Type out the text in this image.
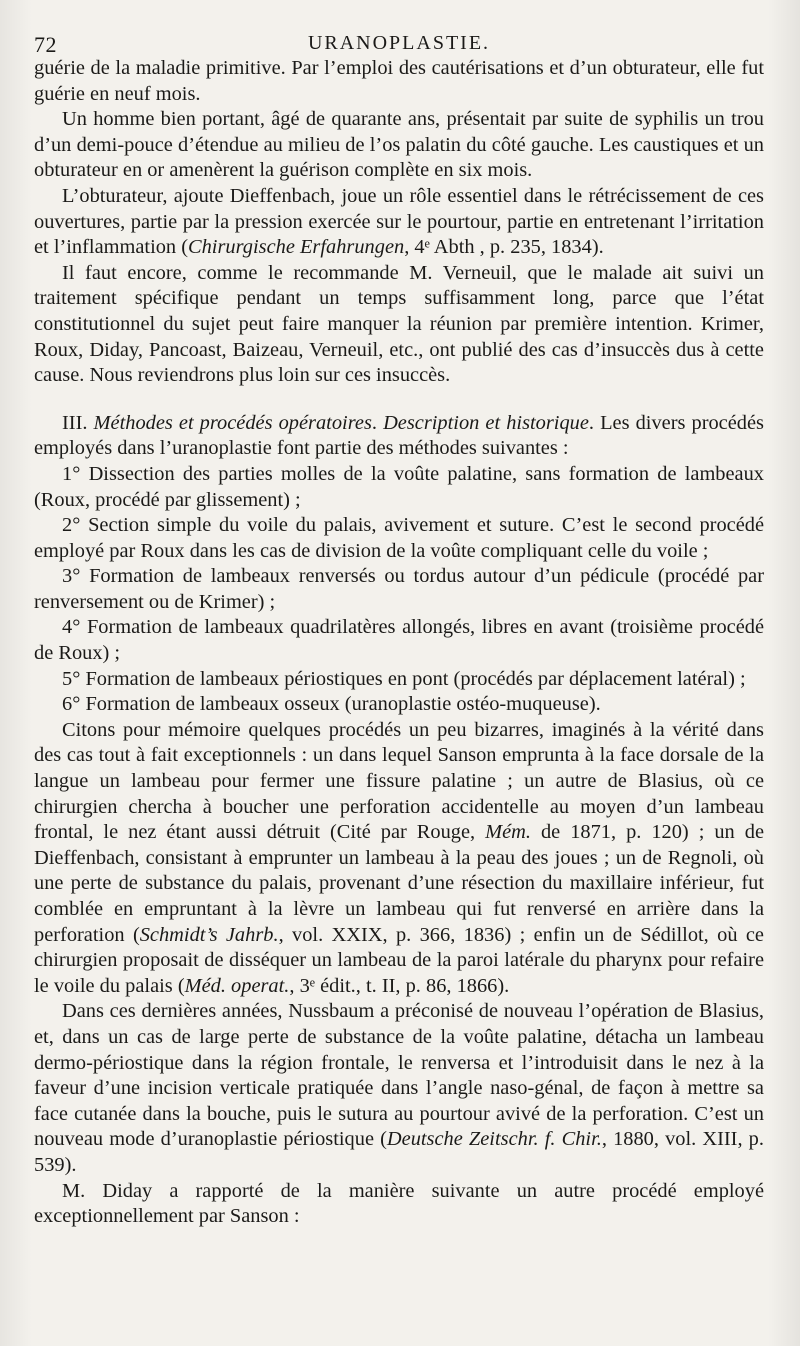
72	URANOPLASTIE.

guérie de la maladie primitive. Par l’emploi des cautérisations et d’un obturateur, elle fut guérie en neuf mois.

Un homme bien portant, âgé de quarante ans, présentait par suite de syphilis un trou d’un demi-pouce d’étendue au milieu de l’os palatin du côté gauche. Les caustiques et un obturateur en or amenèrent la guérison complète en six mois.

L’obturateur, ajoute Dieffenbach, joue un rôle essentiel dans le rétrécissement de ces ouvertures, partie par la pression exercée sur le pourtour, partie en entretenant l’irritation et l’inflammation (Chirurgische Erfahrungen, 4ᵉ Abth , p. 235, 1834).

Il faut encore, comme le recommande M. Verneuil, que le malade ait suivi un traitement spécifique pendant un temps suffisamment long, parce que l’état constitutionnel du sujet peut faire manquer la réunion par première intention. Krimer, Roux, Diday, Pancoast, Baizeau, Verneuil, etc., ont publié des cas d’insuccès dus à cette cause. Nous reviendrons plus loin sur ces insuccès.

III. Méthodes et procédés opératoires. Description et historique. Les divers procédés employés dans l’uranoplastie font partie des méthodes suivantes :

1° Dissection des parties molles de la voûte palatine, sans formation de lambeaux (Roux, procédé par glissement) ;

2° Section simple du voile du palais, avivement et suture. C’est le second procédé employé par Roux dans les cas de division de la voûte compliquant celle du voile ;

3° Formation de lambeaux renversés ou tordus autour d’un pédicule (procédé par renversement ou de Krimer) ;

4° Formation de lambeaux quadrilatères allongés, libres en avant (troisième procédé de Roux) ;

5° Formation de lambeaux périostiques en pont (procédés par déplacement latéral) ;

6° Formation de lambeaux osseux (uranoplastie ostéo-muqueuse).

Citons pour mémoire quelques procédés un peu bizarres, imaginés à la vérité dans des cas tout à fait exceptionnels : un dans lequel Sanson emprunta à la face dorsale de la langue un lambeau pour fermer une fissure palatine ; un autre de Blasius, où ce chirurgien chercha à boucher une perforation accidentelle au moyen d’un lambeau frontal, le nez étant aussi détruit (Cité par Rouge, Mém. de 1871, p. 120) ; un de Dieffenbach, consistant à emprunter un lambeau à la peau des joues ; un de Regnoli, où une perte de substance du palais, provenant d’une résection du maxillaire inférieur, fut comblée en empruntant à la lèvre un lambeau qui fut renversé en arrière dans la perforation (Schmidt’s Jahrb., vol. XXIX, p. 366, 1836) ; enfin un de Sédillot, où ce chirurgien proposait de disséquer un lambeau de la paroi latérale du pharynx pour refaire le voile du palais (Méd. operat., 3ᵉ édit., t. II, p. 86, 1866).

Dans ces dernières années, Nussbaum a préconisé de nouveau l’opération de Blasius, et, dans un cas de large perte de substance de la voûte palatine, détacha un lambeau dermo-périostique dans la région frontale, le renversa et l’introduisit dans le nez à la faveur d’une incision verticale pratiquée dans l’angle naso-génal, de façon à mettre sa face cutanée dans la bouche, puis le sutura au pourtour avivé de la perforation. C’est un nouveau mode d’uranoplastie périostique (Deutsche Zeitschr. f. Chir., 1880, vol. XIII, p. 539).

M. Diday a rapporté de la manière suivante un autre procédé employé exceptionnellement par Sanson :
